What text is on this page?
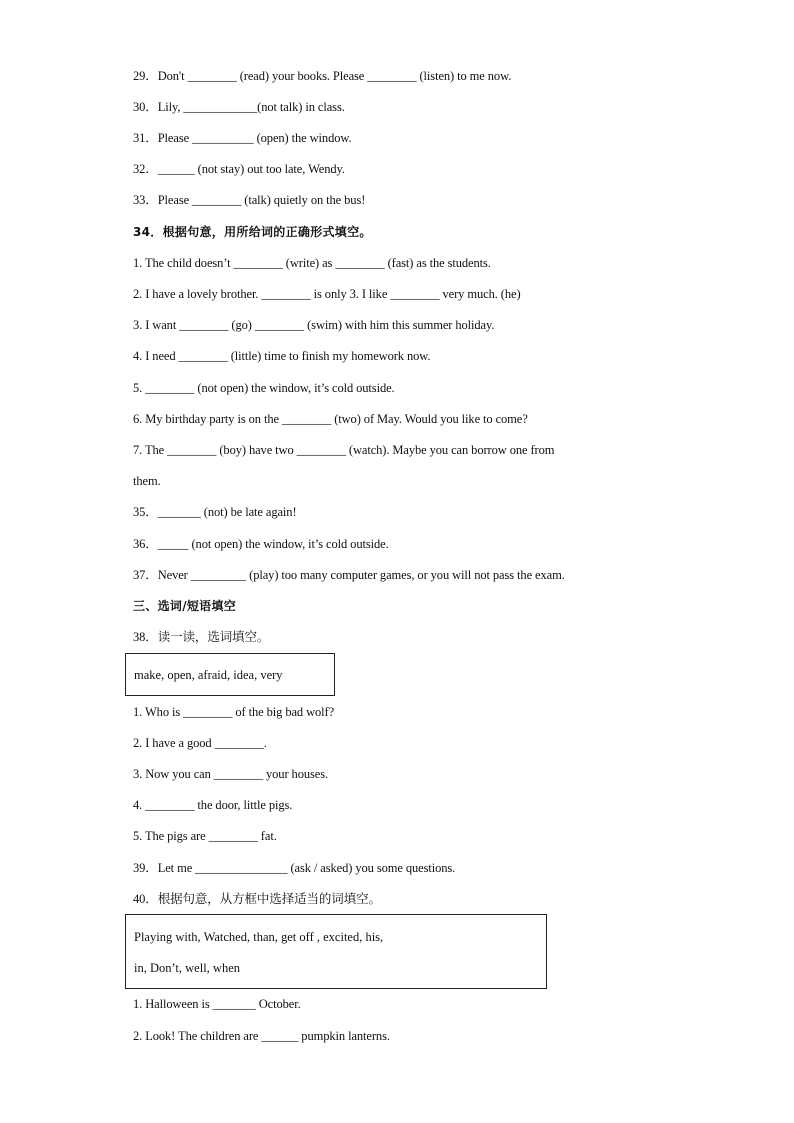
29．Don't ________ (read) your books. Please ________ (listen) to me now.
30．Lily, ____________(not talk) in class.
31．Please __________ (open) the window.
32．______ (not stay) out too late, Wendy.
33．Please ________ (talk) quietly on the bus!
34．根据句意，用所给词的正确形式填空。
1. The child doesn’t ________ (write) as ________ (fast) as the students.
2. I have a lovely brother. ________ is only 3. I like ________ very much. (he)
3. I want ________ (go) ________ (swim) with him this summer holiday.
4. I need ________ (little) time to finish my homework now.
5. ________ (not open) the window, it’s cold outside.
6. My birthday party is on the ________ (two) of May. Would you like to come?
7. The ________ (boy) have two ________ (watch). Maybe you can borrow one from
them.
35．_______ (not) be late again!
36．_____ (not open) the window, it’s cold outside.
37．Never _________ (play) too many computer games, or you will not pass the exam.
三、选词/短语填空
38．读一读，选词填空。
make, open, afraid, idea, very
1. Who is ________ of the big bad wolf?
2. I have a good ________.
3. Now you can ________ your houses.
4. ________ the door, little pigs.
5. The pigs are ________ fat.
39．Let me _______________ (ask / asked) you some questions.
40．根据句意，从方框中选择适当的词填空。
Playing with, Watched, than, get off , excited, his,
in, Don’t, well, when
1. Halloween is _______ October.
2. Look! The children are ______ pumpkin lanterns.
